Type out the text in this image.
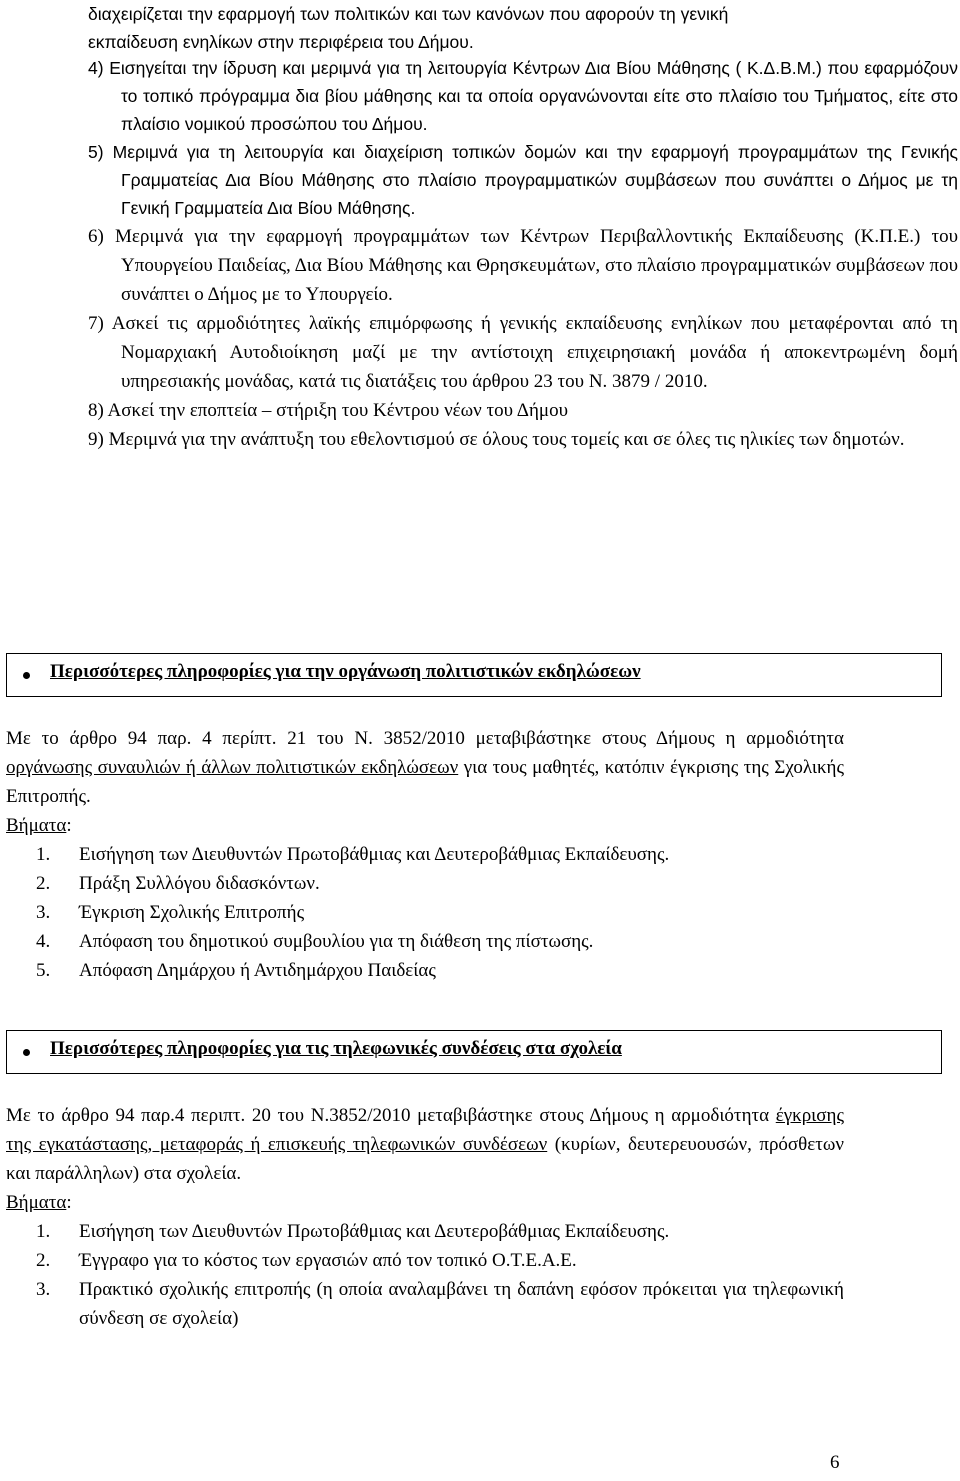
διαχειρίζεται την εφαρμογή των πολιτικών και των κανόνων που αφορούν τη γενική
εκπαίδευση ενηλίκων στην περιφέρεια του Δήμου.

4) Εισηγείται την ίδρυση και μεριμνά για τη λειτουργία Κέντρων Δια Βίου Μάθησης ( Κ.Δ.Β.Μ.) που εφαρμόζουν το τοπικό πρόγραμμα δια βίου μάθησης και τα οποία οργανώνονται είτε στο πλαίσιο του Τμήματος, είτε στο πλαίσιο νομικού προσώπου του Δήμου.

5) Μεριμνά για τη λειτουργία και διαχείριση τοπικών δομών και την εφαρμογή προγραμμάτων της Γενικής Γραμματείας Δια Βίου Μάθησης στο πλαίσιο προγραμματικών συμβάσεων που συνάπτει ο Δήμος με τη Γενική Γραμματεία Δια Βίου Μάθησης.

6) Μεριμνά για την εφαρμογή προγραμμάτων των Κέντρων Περιβαλλοντικής Εκπαίδευσης (Κ.Π.Ε.) του Υπουργείου Παιδείας, Δια Βίου Μάθησης και Θρησκευμάτων, στο πλαίσιο προγραμματικών συμβάσεων που συνάπτει ο Δήμος με το Υπουργείο.

7) Ασκεί τις αρμοδιότητες λαϊκής επιμόρφωσης ή γενικής εκπαίδευσης ενηλίκων που μεταφέρονται από τη Νομαρχιακή Αυτοδιοίκηση μαζί με την αντίστοιχη επιχειρησιακή μονάδα ή αποκεντρωμένη δομή υπηρεσιακής μονάδας, κατά τις διατάξεις του άρθρου 23 του Ν. 3879 / 2010.

8) Ασκεί την εποπτεία – στήριξη του Κέντρου νέων του Δήμου

9) Μεριμνά για την ανάπτυξη του εθελοντισμού σε όλους τους τομείς και σε όλες τις ηλικίες των δημοτών.

Περισσότερες πληροφορίες για την οργάνωση πολιτιστικών εκδηλώσεων
Με το άρθρο 94 παρ. 4 περίπτ. 21 του Ν. 3852/2010 μεταβιβάστηκε στους Δήμους η αρμοδιότητα οργάνωσης συναυλιών ή άλλων πολιτιστικών εκδηλώσεων για τους μαθητές, κατόπιν έγκρισης της Σχολικής Επιτροπής.
Βήματα:
1. Εισήγηση των Διευθυντών Πρωτοβάθμιας και Δευτεροβάθμιας Εκπαίδευσης.
2. Πράξη Συλλόγου διδασκόντων.
3. Έγκριση Σχολικής Επιτροπής
4. Απόφαση του δημοτικού συμβουλίου για τη διάθεση της πίστωσης.
5. Απόφαση Δημάρχου ή Αντιδημάρχου Παιδείας
Περισσότερες πληροφορίες για τις τηλεφωνικές συνδέσεις στα σχολεία
Με το άρθρο 94 παρ.4 περιπτ. 20 του Ν.3852/2010 μεταβιβάστηκε στους Δήμους η αρμοδιότητα έγκρισης της εγκατάστασης, μεταφοράς ή επισκευής τηλεφωνικών συνδέσεων (κυρίων, δευτερευουσών, πρόσθετων και παράλληλων) στα σχολεία.
Βήματα:
1. Εισήγηση των Διευθυντών Πρωτοβάθμιας και Δευτεροβάθμιας Εκπαίδευσης.
2. Έγγραφο για το κόστος των εργασιών από τον τοπικό Ο.Τ.Ε.Α.Ε.
3. Πρακτικό σχολικής επιτροπής (η οποία αναλαμβάνει τη δαπάνη εφόσον πρόκειται για τηλεφωνική σύνδεση σε σχολεία)
6
